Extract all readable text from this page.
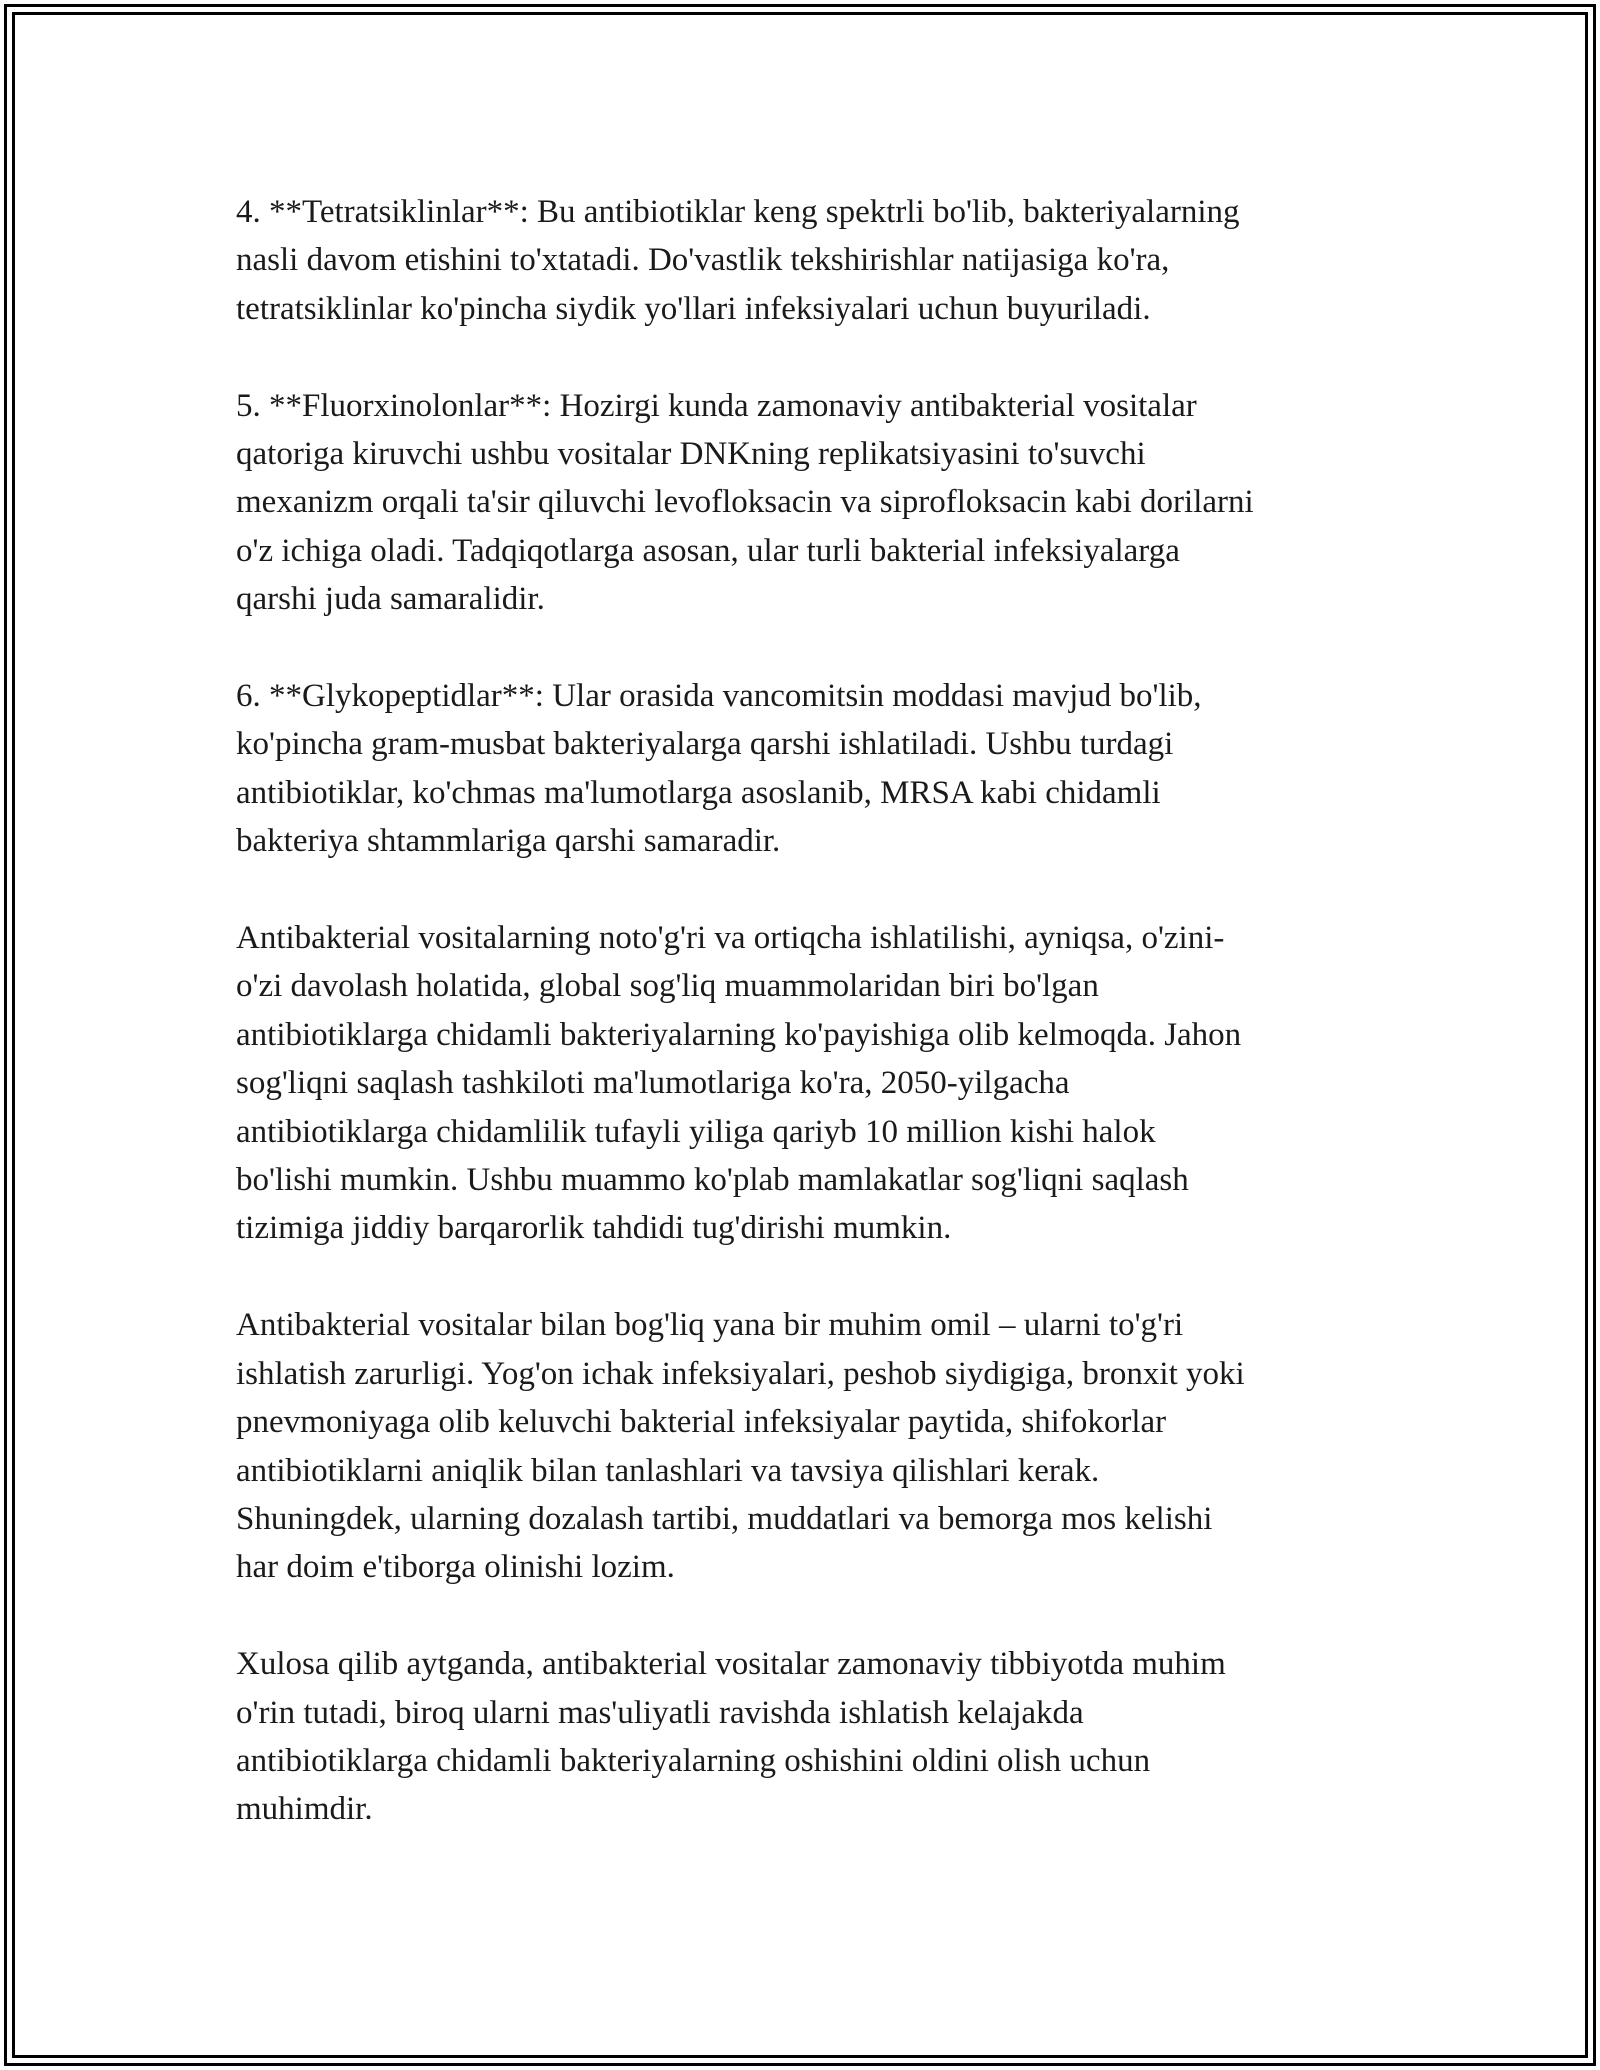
4. **Tetratsiklinlar**: Bu antibiotiklar keng spektrli bo'lib, bakteriyalarning
nasli davom etishini to'xtatadi. Do'vastlik tekshirishlar natijasiga ko'ra,
tetratsiklinlar ko'pincha siydik yo'llari infeksiyalari uchun buyuriladi.

5. **Fluorxinolonlar**: Hozirgi kunda zamonaviy antibakterial vositalar
qatoriga kiruvchi ushbu vositalar DNKning replikatsiyasini to'suvchi
mexanizm orqali ta'sir qiluvchi levofloksacin va siprofloksacin kabi dorilarni
o'z ichiga oladi. Tadqiqotlarga asosan, ular turli bakterial infeksiyalarga
qarshi juda samaralidir.

6. **Glykopeptidlar**: Ular orasida vancomitsin moddasi mavjud bo'lib,
ko'pincha gram-musbat bakteriyalarga qarshi ishlatiladi. Ushbu turdagi
antibiotiklar, ko'chmas ma'lumotlarga asoslanib, MRSA kabi chidamli
bakteriya shtammlariga qarshi samaradir.

Antibakterial vositalarning noto'g'ri va ortiqcha ishlatilishi, ayniqsa, o'zini-
o'zi davolash holatida, global sog'liq muammolaridan biri bo'lgan
antibiotiklarga chidamli bakteriyalarning ko'payishiga olib kelmoqda. Jahon
sog'liqni saqlash tashkiloti ma'lumotlariga ko'ra, 2050-yilgacha
antibiotiklarga chidamlilik tufayli yiliga qariyb 10 million kishi halok
bo'lishi mumkin. Ushbu muammo ko'plab mamlakatlar sog'liqni saqlash
tizimiga jiddiy barqarorlik tahdidi tug'dirishi mumkin.

Antibakterial vositalar bilan bog'liq yana bir muhim omil – ularni to'g'ri
ishlatish zarurligi. Yog'on ichak infeksiyalari, peshob siydigiga, bronxit yoki
pnevmoniyaga olib keluvchi bakterial infeksiyalar paytida, shifokorlar
antibiotiklarni aniqlik bilan tanlashlari va tavsiya qilishlari kerak.
Shuningdek, ularning dozalash tartibi, muddatlari va bemorga mos kelishi
har doim e'tiborga olinishi lozim.

Xulosa qilib aytganda, antibakterial vositalar zamonaviy tibbiyotda muhim
o'rin tutadi, biroq ularni mas'uliyatli ravishda ishlatish kelajakda
antibiotiklarga chidamli bakteriyalarning oshishini oldini olish uchun
muhimdir.
